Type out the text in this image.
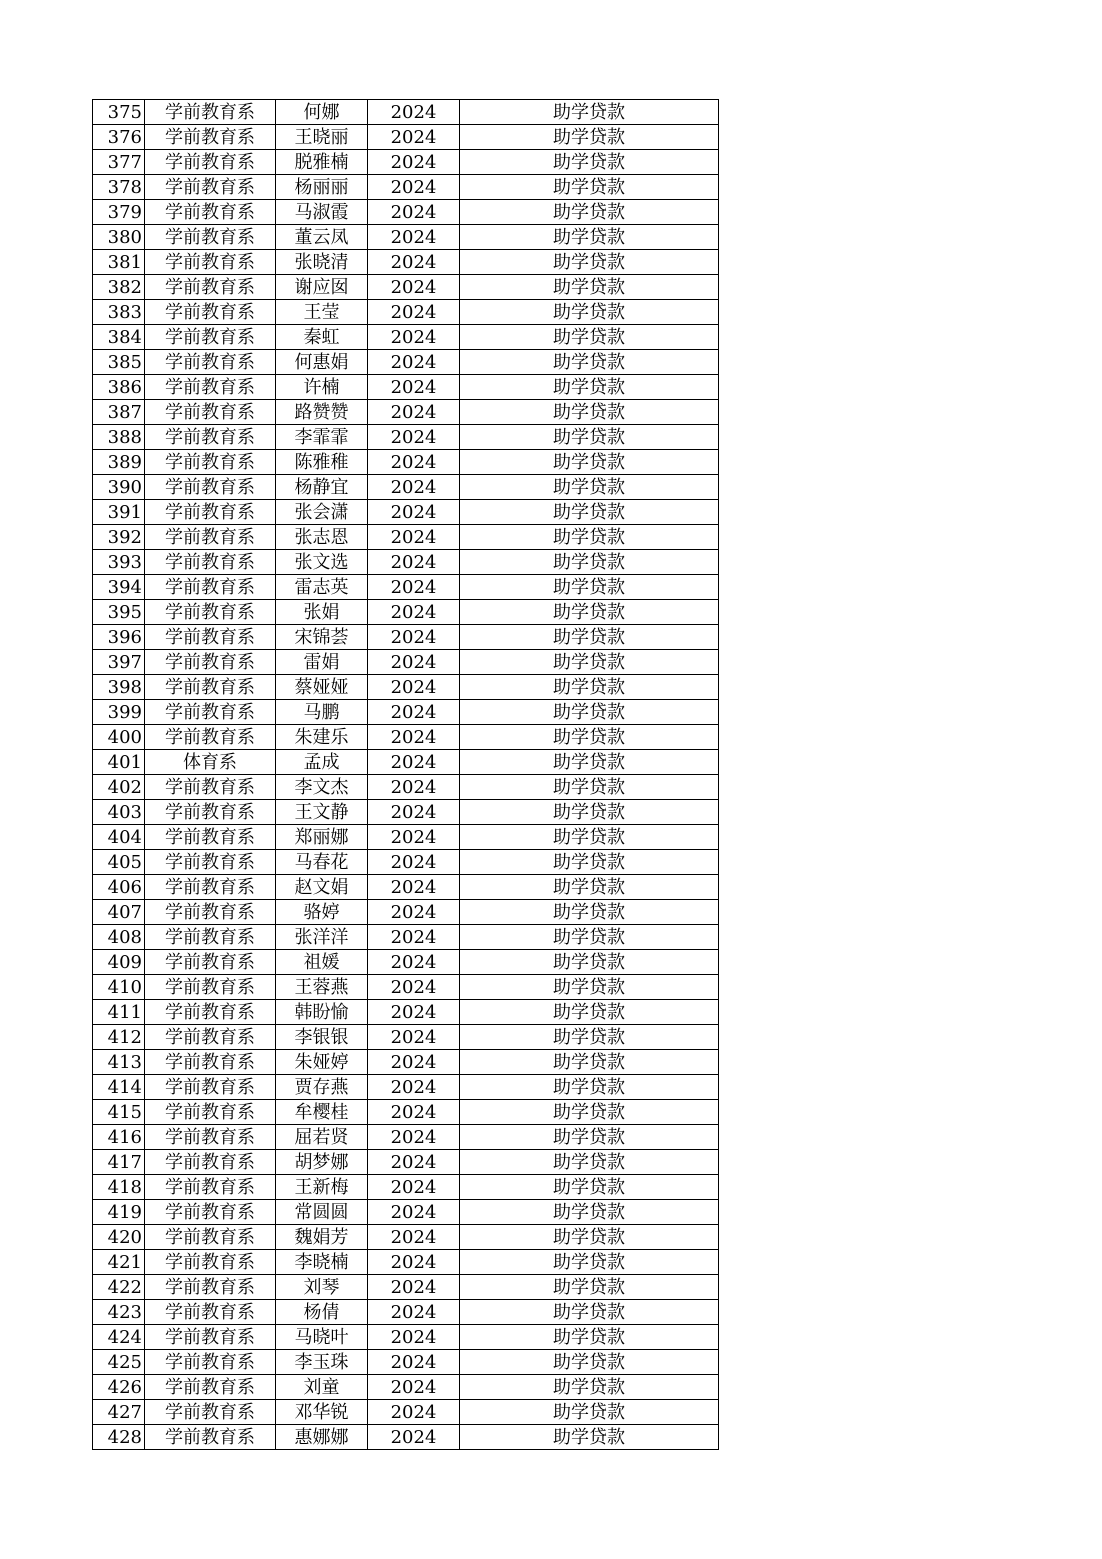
375	学前教育系	何娜	2024	助学贷款
376	学前教育系	王晓丽	2024	助学贷款
377	学前教育系	脱雅楠	2024	助学贷款
378	学前教育系	杨丽丽	2024	助学贷款
379	学前教育系	马淑霞	2024	助学贷款
380	学前教育系	董云凤	2024	助学贷款
381	学前教育系	张晓清	2024	助学贷款
382	学前教育系	谢应囡	2024	助学贷款
383	学前教育系	王莹	2024	助学贷款
384	学前教育系	秦虹	2024	助学贷款
385	学前教育系	何惠娟	2024	助学贷款
386	学前教育系	许楠	2024	助学贷款
387	学前教育系	路赞赞	2024	助学贷款
388	学前教育系	李霏霏	2024	助学贷款
389	学前教育系	陈雅稚	2024	助学贷款
390	学前教育系	杨静宜	2024	助学贷款
391	学前教育系	张会潇	2024	助学贷款
392	学前教育系	张志恩	2024	助学贷款
393	学前教育系	张文选	2024	助学贷款
394	学前教育系	雷志英	2024	助学贷款
395	学前教育系	张娟	2024	助学贷款
396	学前教育系	宋锦荟	2024	助学贷款
397	学前教育系	雷娟	2024	助学贷款
398	学前教育系	蔡娅娅	2024	助学贷款
399	学前教育系	马鹏	2024	助学贷款
400	学前教育系	朱建乐	2024	助学贷款
401	体育系	孟成	2024	助学贷款
402	学前教育系	李文杰	2024	助学贷款
403	学前教育系	王文静	2024	助学贷款
404	学前教育系	郑丽娜	2024	助学贷款
405	学前教育系	马春花	2024	助学贷款
406	学前教育系	赵文娟	2024	助学贷款
407	学前教育系	骆婷	2024	助学贷款
408	学前教育系	张洋洋	2024	助学贷款
409	学前教育系	祖媛	2024	助学贷款
410	学前教育系	王蓉燕	2024	助学贷款
411	学前教育系	韩盼愉	2024	助学贷款
412	学前教育系	李银银	2024	助学贷款
413	学前教育系	朱娅婷	2024	助学贷款
414	学前教育系	贾存燕	2024	助学贷款
415	学前教育系	牟樱桂	2024	助学贷款
416	学前教育系	屈若贤	2024	助学贷款
417	学前教育系	胡梦娜	2024	助学贷款
418	学前教育系	王新梅	2024	助学贷款
419	学前教育系	常圆圆	2024	助学贷款
420	学前教育系	魏娟芳	2024	助学贷款
421	学前教育系	李晓楠	2024	助学贷款
422	学前教育系	刘琴	2024	助学贷款
423	学前教育系	杨倩	2024	助学贷款
424	学前教育系	马晓叶	2024	助学贷款
425	学前教育系	李玉珠	2024	助学贷款
426	学前教育系	刘童	2024	助学贷款
427	学前教育系	邓华锐	2024	助学贷款
428	学前教育系	惠娜娜	2024	助学贷款
